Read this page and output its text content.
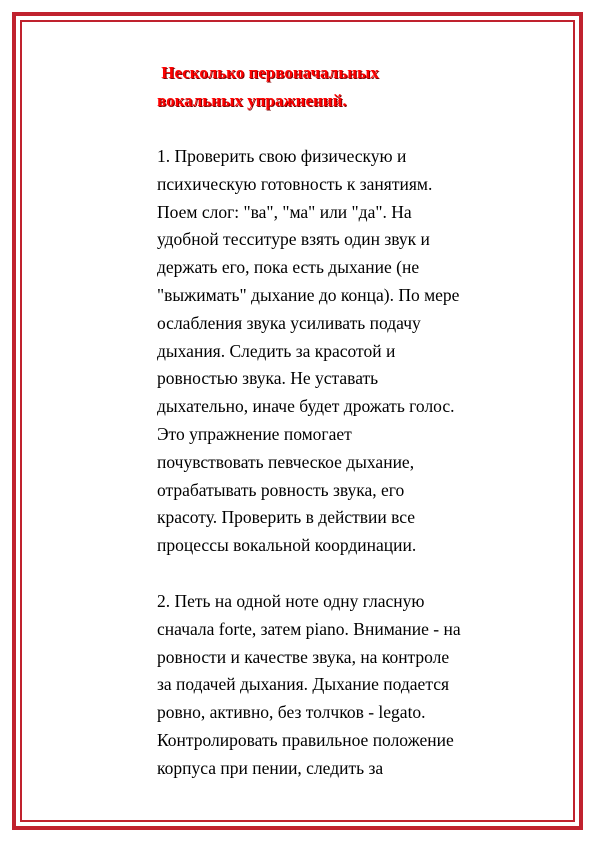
Несколько первоначальных
вокальных упражнений.

1. Проверить свою физическую и
психическую готовность к занятиям.
Поем слог: "ва", "ма" или "да". На
удобной тесситуре взять один звук и
держать его, пока есть дыхание (не
"выжимать" дыхание до конца). По мере
ослабления звука усиливать подачу
дыхания. Следить за красотой и
ровностью звука. Не уставать
дыхательно, иначе будет дрожать голос.
Это упражнение помогает
почувствовать певческое дыхание,
отрабатывать ровность звука, его
красоту. Проверить в действии все
процессы вокальной координации.

2. Петь на одной ноте одну гласную
сначала forte, затем piano. Внимание - на
ровности и качестве звука, на контроле
за подачей дыхания. Дыхание подается
ровно, активно, без толчков - legato.
Контролировать правильное положение
корпуса при пении, следить за
